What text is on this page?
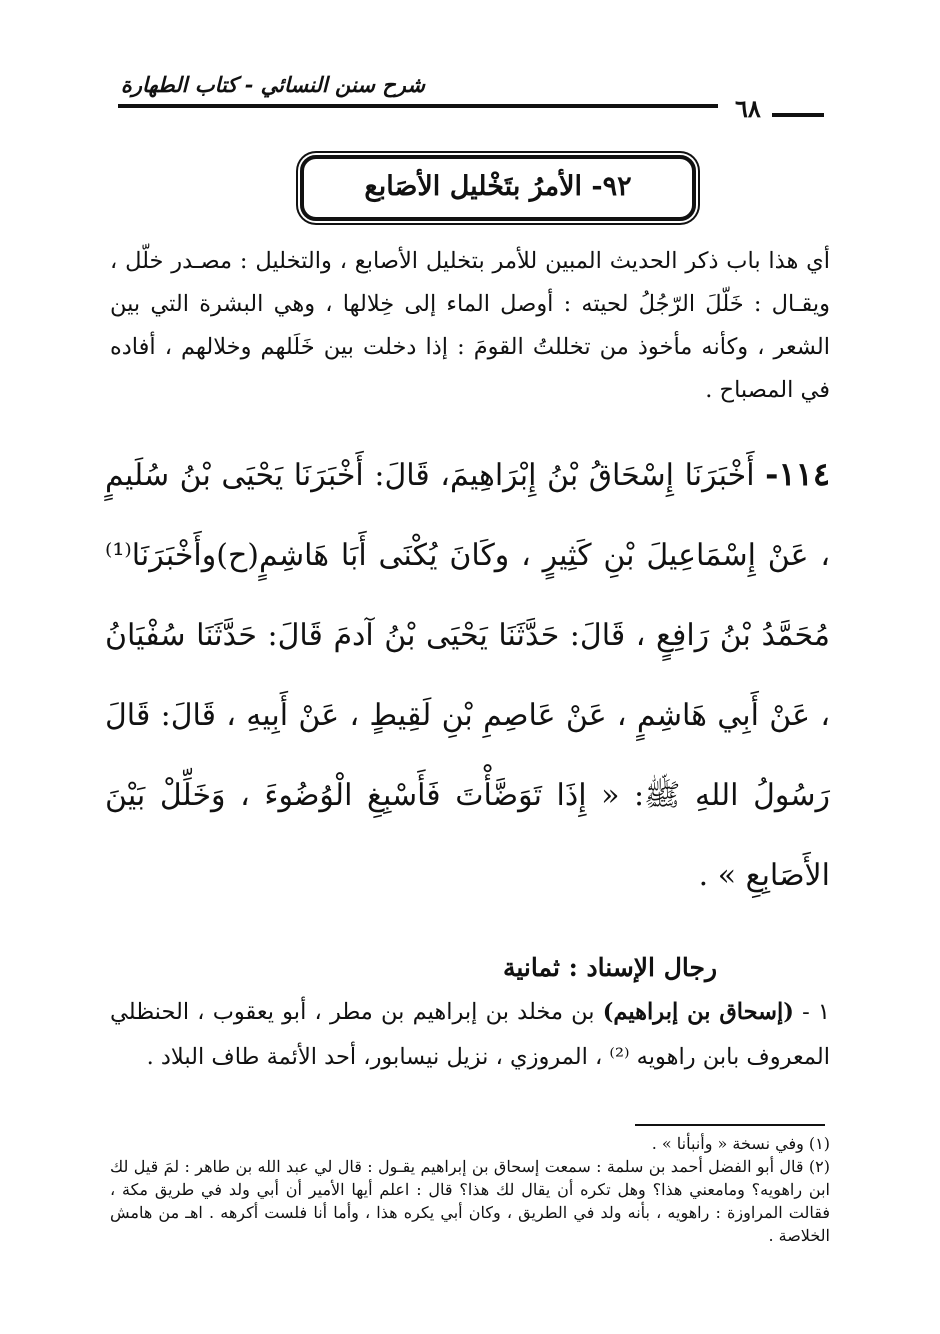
شرح سنن النسائي - كتاب الطهارة
٦٨
٩٢- الأمرُ بتَخْليل الأصَابع
أي هذا باب ذكر الحديث المبين للأمر بتخليل الأصابع ، والتخليل : مصـدر خلّل ، ويقـال : خَلّلَ الرّجُلُ لحيته : أوصل الماء إلى خِلالها ، وهي البشرة التي بين الشعر ، وكأنه مأخوذ من تخللتُ القومَ : إذا دخلت بين خَلَلهم وخلالهم ، أفاده في المصباح .
١١٤- أَخْبَرَنَا إِسْحَاقُ بْنُ إِبْرَاهِيمَ، قَالَ: أَخْبَرَنَا يَحْيَى بْنُ سُلَيمٍ ، عَنْ إِسْمَاعِيلَ بْنِ كَثِيرٍ ، وكَانَ يُكْنَى أَبَا هَاشِمٍ(ح)وأَخْبَرَنَا⁽¹⁾ مُحَمَّدُ بْنُ رَافِعٍ ، قَالَ: حَدَّثَنَا يَحْيَى بْنُ آدمَ قَالَ: حَدَّثَنَا سُفْيَانُ ، عَنْ أَبِي هَاشِمٍ ، عَنْ عَاصِمِ بْنِ لَقِيطٍ ، عَنْ أَبِيهِ ، قَالَ: قَالَ رَسُولُ اللهِ ﷺ: « إِذَا تَوَضَّأْتَ فَأَسْبِغِ الْوُضُوءَ ، وَخَلِّلْ بَيْنَ الأَصَابِعِ » .
رجال الإسناد : ثمانية
١ - (إسحاق بن إبراهيم) بن مخلد بن إبراهيم بن مطر ، أبو يعقوب ، الحنظلي المعروف بابن راهويه ⁽²⁾ ، المروزي ، نزيل نيسابور، أحد الأئمة طاف البلاد .

(١) وفي نسخة « وأنبأنا » .

(٢) قال أبو الفضل أحمد بن سلمة : سمعت إسحاق بن إبراهيم يقـول : قال لي عبد الله بن طاهر : لمَ قيل لك ابن راهويه؟ ومامعني هذا؟ وهل تكره أن يقال لك هذا؟ قال : اعلم أيها الأمير أن أبي ولد في طريق مكة ، فقالت المراوزة : راهويه ، بأنه ولد في الطريق ، وكان أبي يكره هذا ، وأما أنا فلست أكرهه . اهـ من هامش الخلاصة .
